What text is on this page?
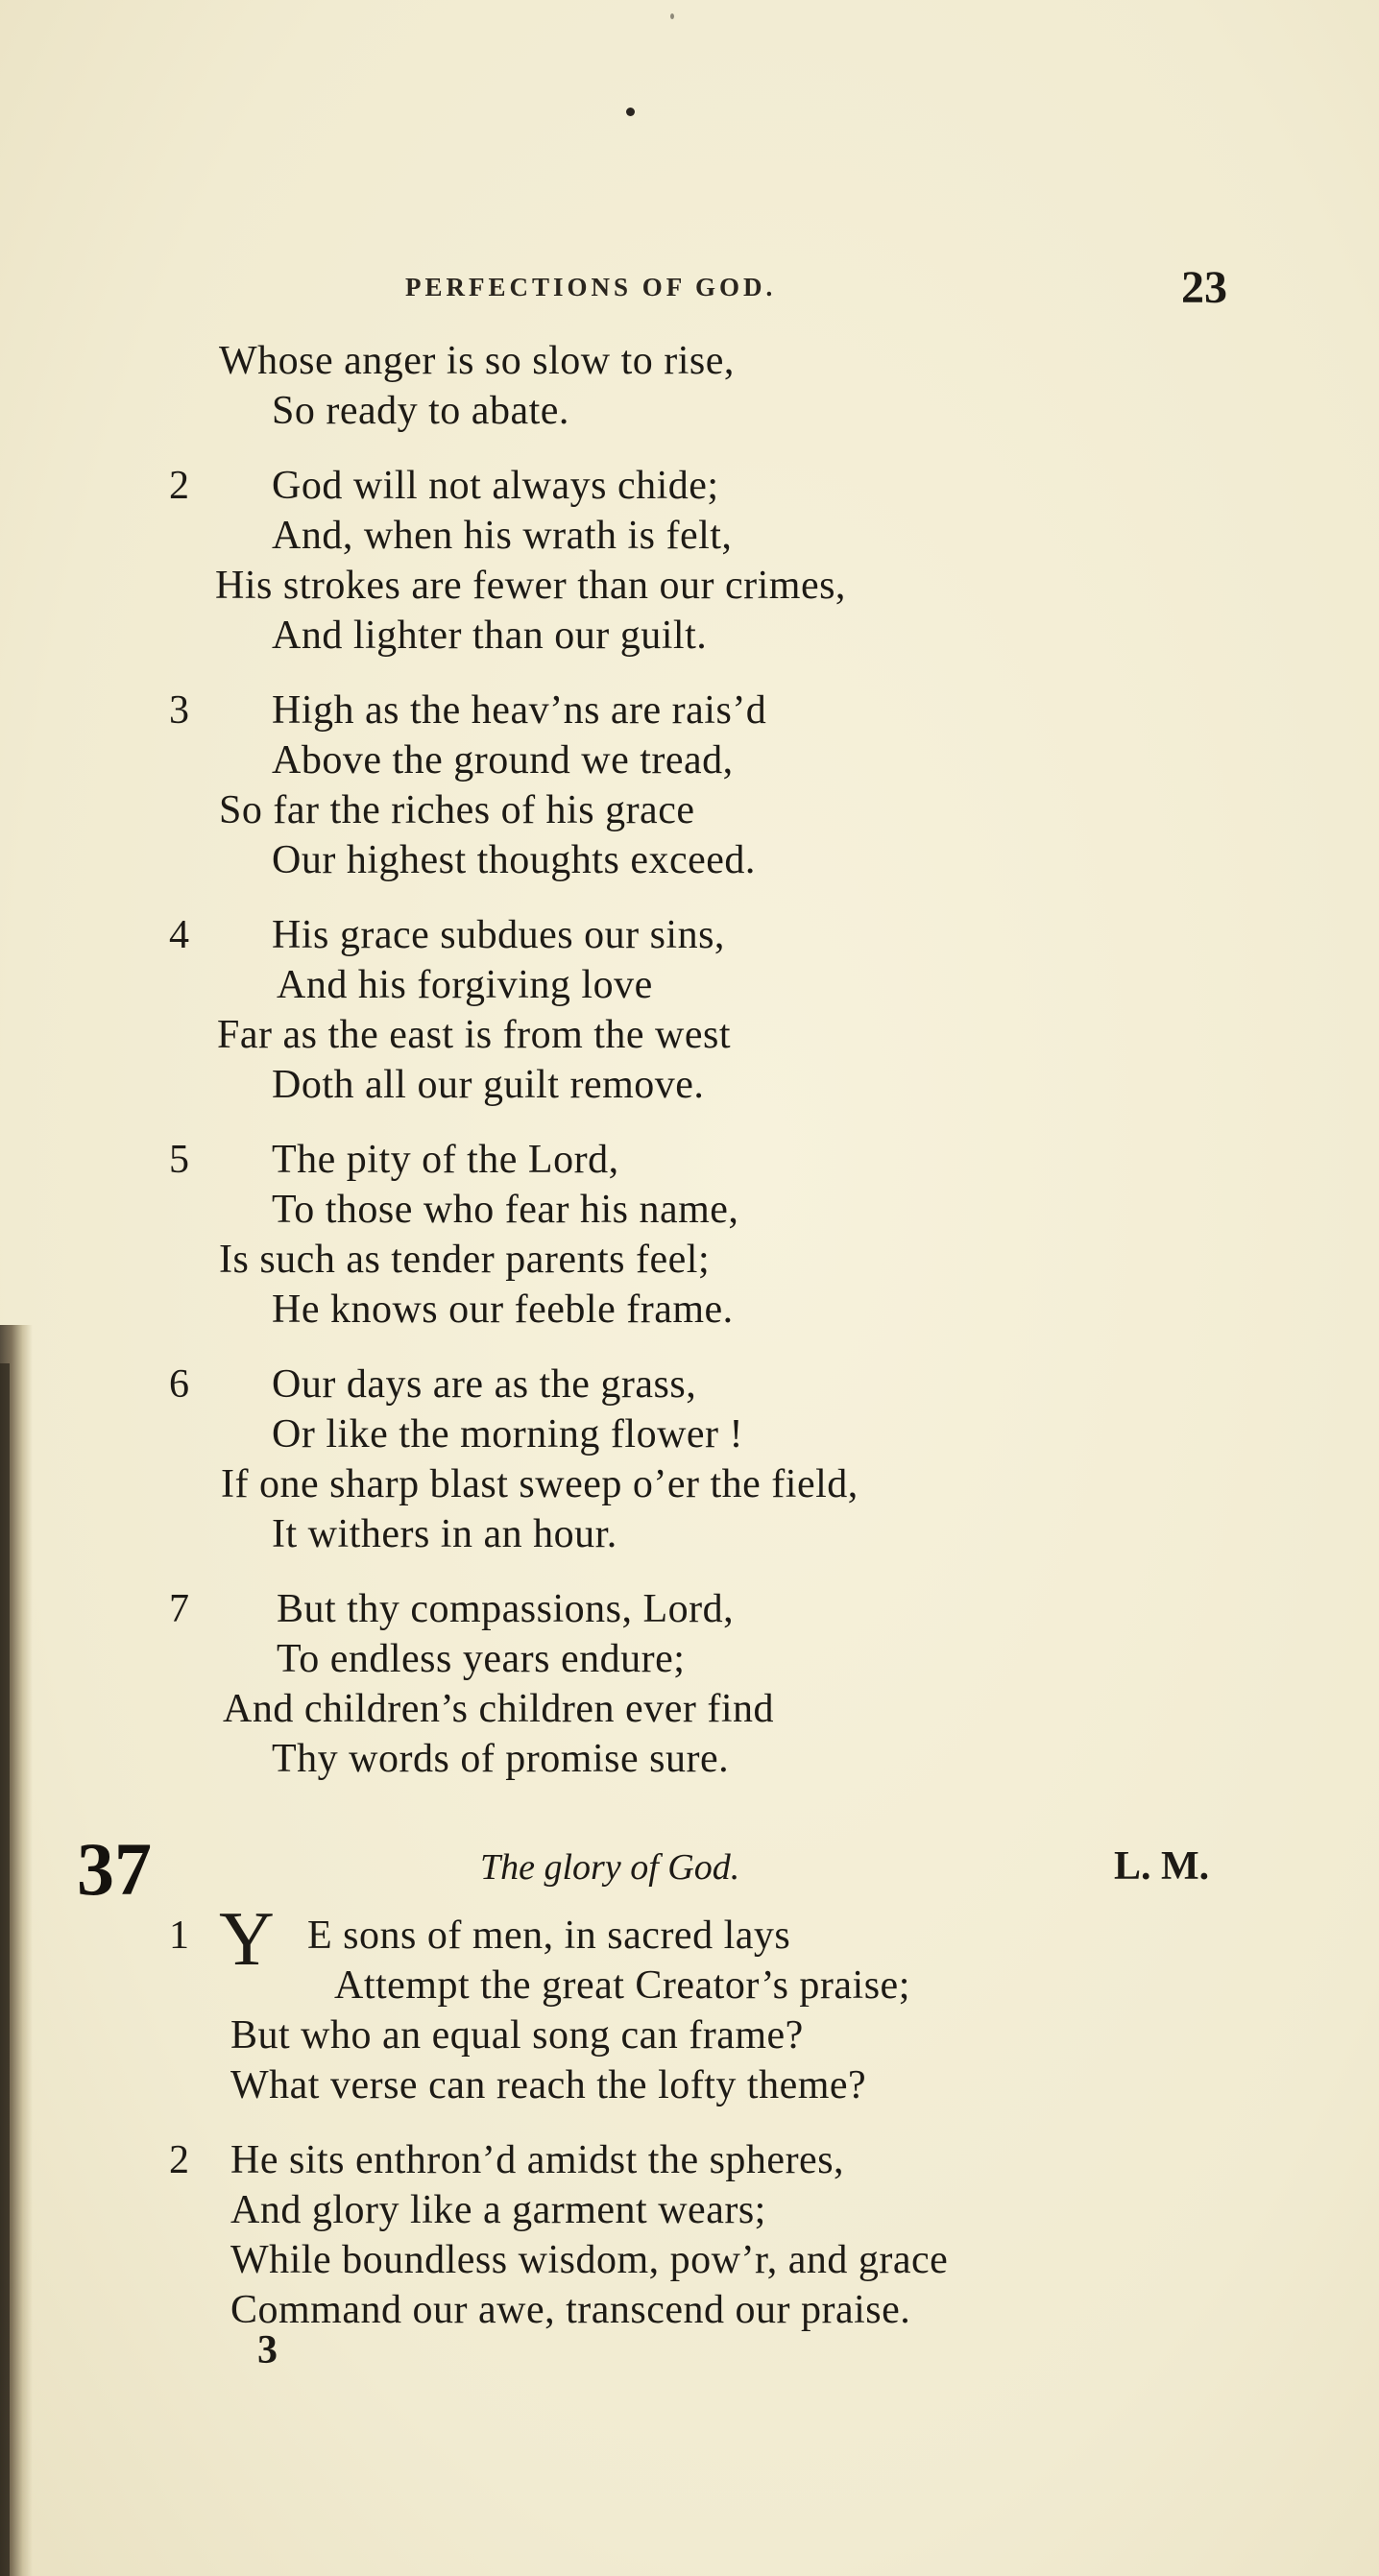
PERFECTIONS OF GOD.	23
Whose anger is so slow to rise,
So ready to abate.
2 God will not always chide;
And, when his wrath is felt,
His strokes are fewer than our crimes,
And lighter than our guilt.
3 High as the heav’ns are rais’d
Above the ground we tread,
So far the riches of his grace
Our highest thoughts exceed.
4 His grace subdues our sins,
And his forgiving love
Far as the east is from the west
Doth all our guilt remove.
5 The pity of the Lord,
To those who fear his name,
Is such as tender parents feel;
He knows our feeble frame.
6 Our days are as the grass,
Or like the morning flower !
If one sharp blast sweep o’er the field,
It withers in an hour.
7 But thy compassions, Lord,
To endless years endure;
And children’s children ever find
Thy words of promise sure.
37	The glory of God.	L. M.
1 Y E sons of men, in sacred lays
Attempt the great Creator’s praise;
But who an equal song can frame?
What verse can reach the lofty theme?
2 He sits enthron’d amidst the spheres,
And glory like a garment wears;
While boundless wisdom, pow’r, and grace
Command our awe, transcend our praise.
3
